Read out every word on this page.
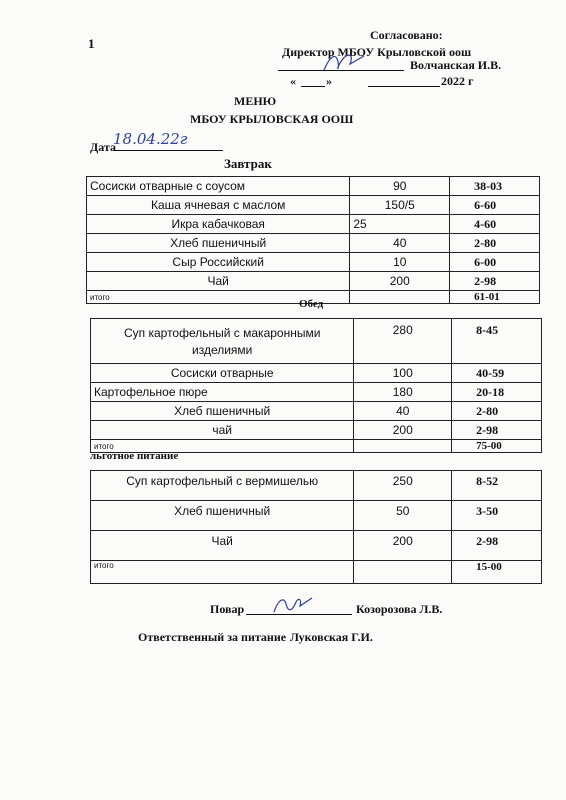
1
Согласовано:
Директор МБОУ Крыловской оош
Волчанская И.В.
«	»	2022 г
МЕНЮ
МБОУ КРЫЛОВСКАЯ ООШ
Дата
18.04.22г
Завтрак
Сосиски отварные с соусом	90	38-03
Каша ячневая с маслом	150/5	6-60
Икра кабачковая	25	4-60
Хлеб пшеничный	40	2-80
Сыр Российский	10	6-00
Чай	200	2-98
итого		61-01
Обед
Суп картофельный с макаронными изделиями	280	8-45
Сосиски отварные	100	40-59
Картофельное пюре	180	20-18
Хлеб пшеничный	40	2-80
чай	200	2-98
итого		75-00
льготное питание
Суп картофельный с вермишелью	250	8-52
Хлеб пшеничный	50	3-50
Чай	200	2-98
итого		15-00
Повар	Козорозова Л.В.
Ответственный за питание Луковская Г.И.
